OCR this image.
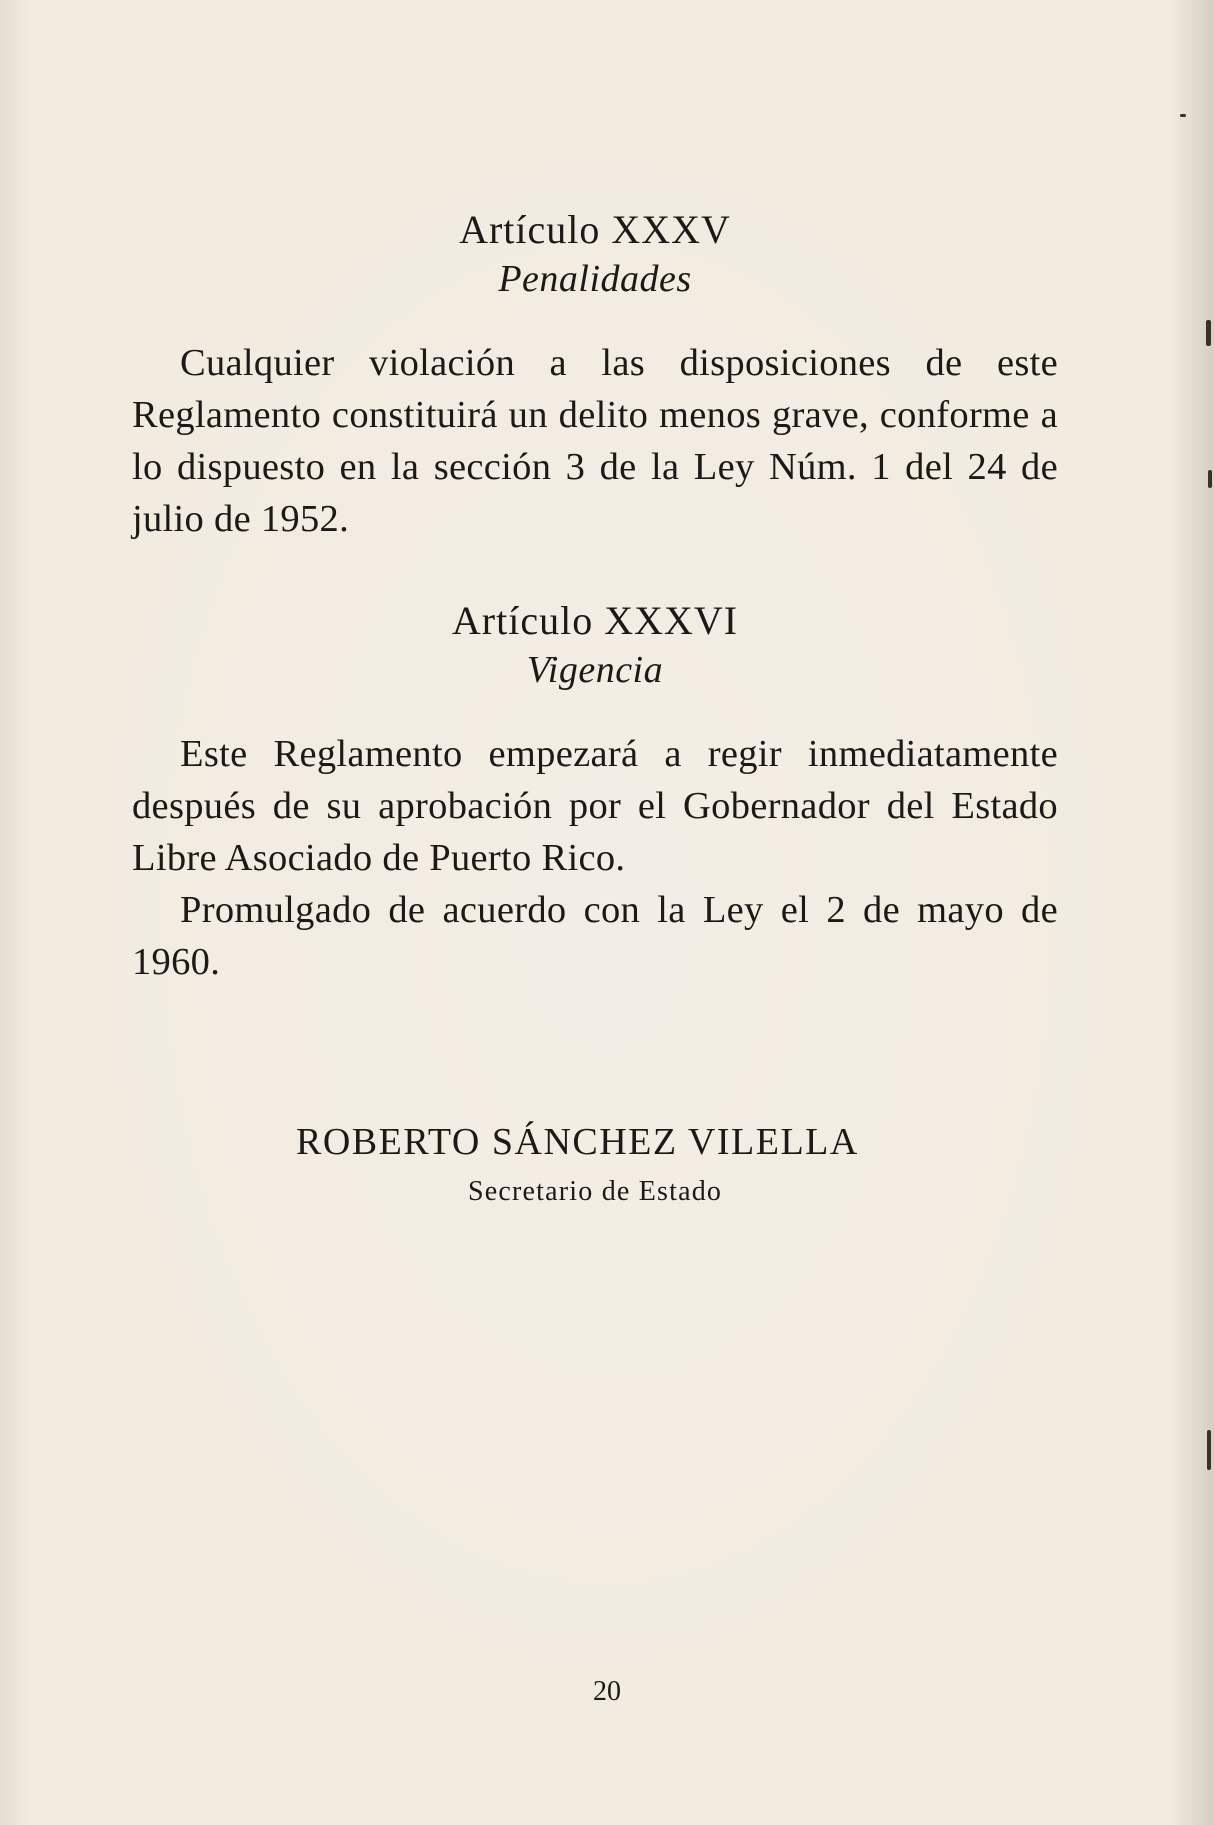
Artículo XXXV

Penalidades

Cualquier violación a las disposiciones de este Reglamento constituirá un delito menos grave, conforme a lo dispuesto en la sección 3 de la Ley Núm. 1 del 24 de julio de 1952.

Artículo XXXVI

Vigencia

Este Reglamento empezará a regir inmediatamente después de su aprobación por el Gobernador del Estado Libre Asociado de Puerto Rico.

Promulgado de acuerdo con la Ley el 2 de mayo de 1960.

ROBERTO SÁNCHEZ VILELLA

Secretario de Estado

20
